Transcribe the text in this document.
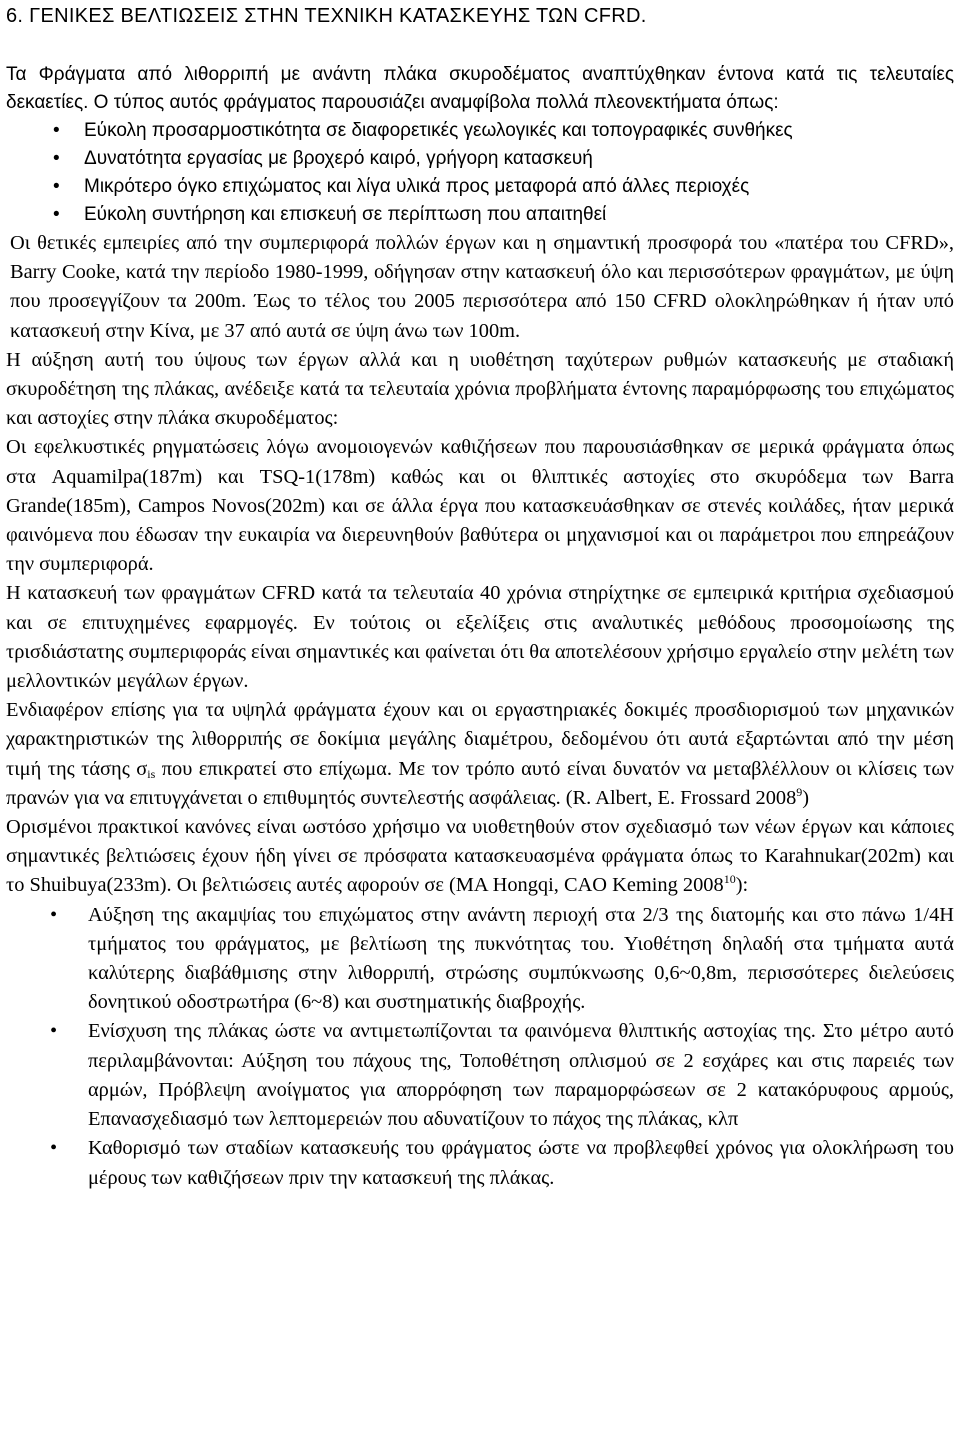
6. ΓΕΝΙΚΕΣ ΒΕΛΤΙΩΣΕΙΣ ΣΤΗΝ ΤΕΧΝΙΚΗ ΚΑΤΑΣΚΕΥΗΣ ΤΩΝ CFRD.

Τα Φράγματα από λιθορριπή με ανάντη πλάκα σκυροδέματος αναπτύχθηκαν έντονα κατά τις τελευταίες δεκαετίες. Ο τύπος αυτός φράγματος παρουσιάζει αναμφίβολα πολλά πλεονεκτήματα όπως:

• Εύκολη προσαρμοστικότητα σε διαφορετικές γεωλογικές και τοπογραφικές συνθήκες
• Δυνατότητα εργασίας με βροχερό καιρό, γρήγορη κατασκευή
• Μικρότερο όγκο επιχώματος και λίγα υλικά προς μεταφορά από άλλες περιοχές
• Εύκολη συντήρηση και επισκευή σε περίπτωση που απαιτηθεί

Οι θετικές εμπειρίες από την συμπεριφορά πολλών έργων και η σημαντική προσφορά του «πατέρα του CFRD», Barry Cooke, κατά την περίοδο 1980-1999, οδήγησαν στην κατασκευή όλο και περισσότερων φραγμάτων, με ύψη που προσεγγίζουν τα 200m. Έως το τέλος του 2005 περισσότερα από 150 CFRD ολοκληρώθηκαν ή ήταν υπό κατασκευή στην Κίνα, με 37 από αυτά σε ύψη άνω των 100m.

Η αύξηση αυτή του ύψους των έργων αλλά και η υιοθέτηση ταχύτερων ρυθμών κατασκευής με σταδιακή σκυροδέτηση της πλάκας, ανέδειξε κατά τα τελευταία χρόνια προβλήματα έντονης παραμόρφωσης του επιχώματος και αστοχίες στην πλάκα σκυροδέματος:

Οι εφελκυστικές ρηγματώσεις λόγω ανομοιογενών καθιζήσεων που παρουσιάσθηκαν σε μερικά φράγματα όπως στα Aquamilpa(187m) και TSQ-1(178m) καθώς και οι θλιπτικές αστοχίες στο σκυρόδεμα των Barra Grande(185m), Campos Novos(202m) και σε άλλα έργα που κατασκευάσθηκαν σε στενές κοιλάδες, ήταν μερικά φαινόμενα που έδωσαν την ευκαιρία να διερευνηθούν βαθύτερα οι μηχανισμοί και οι παράμετροι που επηρεάζουν την συμπεριφορά.

Η κατασκευή των φραγμάτων CFRD κατά τα τελευταία 40 χρόνια στηρίχτηκε σε εμπειρικά κριτήρια σχεδιασμού και σε επιτυχημένες εφαρμογές. Εν τούτοις οι εξελίξεις στις αναλυτικές μεθόδους προσομοίωσης της τρισδιάστατης συμπεριφοράς είναι σημαντικές και φαίνεται ότι θα αποτελέσουν χρήσιμο εργαλείο στην μελέτη των μελλοντικών μεγάλων έργων.

Ενδιαφέρον επίσης για τα υψηλά φράγματα έχουν και οι εργαστηριακές δοκιμές προσδιορισμού των μηχανικών χαρακτηριστικών της λιθορριπής σε δοκίμια μεγάλης διαμέτρου, δεδομένου ότι αυτά εξαρτώνται από την μέση τιμή της τάσης $\sigma_{is}$ που επικρατεί στο επίχωμα. Με τον τρόπο αυτό είναι δυνατόν να μεταβλέλλουν οι κλίσεις των πρανών για να επιτυγχάνεται ο επιθυμητός συντελεστής ασφάλειας. (R. Albert, E. Frossard 2008$^9$)

Ορισμένοι πρακτικοί κανόνες είναι ωστόσο χρήσιμο να υιοθετηθούν στον σχεδιασμό των νέων έργων και κάποιες σημαντικές βελτιώσεις έχουν ήδη γίνει σε πρόσφατα κατασκευασμένα φράγματα όπως το Karahnukar(202m) και το Shuibuya(233m). Οι βελτιώσεις αυτές αφορούν σε (MA Hongqi, CAO Keming 2008$^{10}$):

• Αύξηση της ακαμψίας του επιχώματος στην ανάντη περιοχή στα 2/3 της διατομής και στο πάνω 1/4H τμήματος του φράγματος, με βελτίωση της πυκνότητας του. Υιοθέτηση δηλαδή στα τμήματα αυτά καλύτερης διαβάθμισης στην λιθορριπή, στρώσης συμπύκνωσης 0,6~0,8m, περισσότερες διελεύσεις δονητικού οδοστρωτήρα (6~8) και συστηματικής διαβροχής.
• Ενίσχυση της πλάκας ώστε να αντιμετωπίζονται τα φαινόμενα θλιπτικής αστοχίας της. Στο μέτρο αυτό περιλαμβάνονται: Αύξηση του πάχους της, Τοποθέτηση οπλισμού σε 2 εσχάρες και στις παρειές των αρμών, Πρόβλεψη ανοίγματος για απορρόφηση των παραμορφώσεων σε 2 κατακόρυφους αρμούς, Επανασχεδιασμό των λεπτομερειών που αδυνατίζουν το πάχος της πλάκας, κλπ
• Καθορισμό των σταδίων κατασκευής του φράγματος ώστε να προβλεφθεί χρόνος για ολοκλήρωση του μέρους των καθιζήσεων πριν την κατασκευή της πλάκας.
